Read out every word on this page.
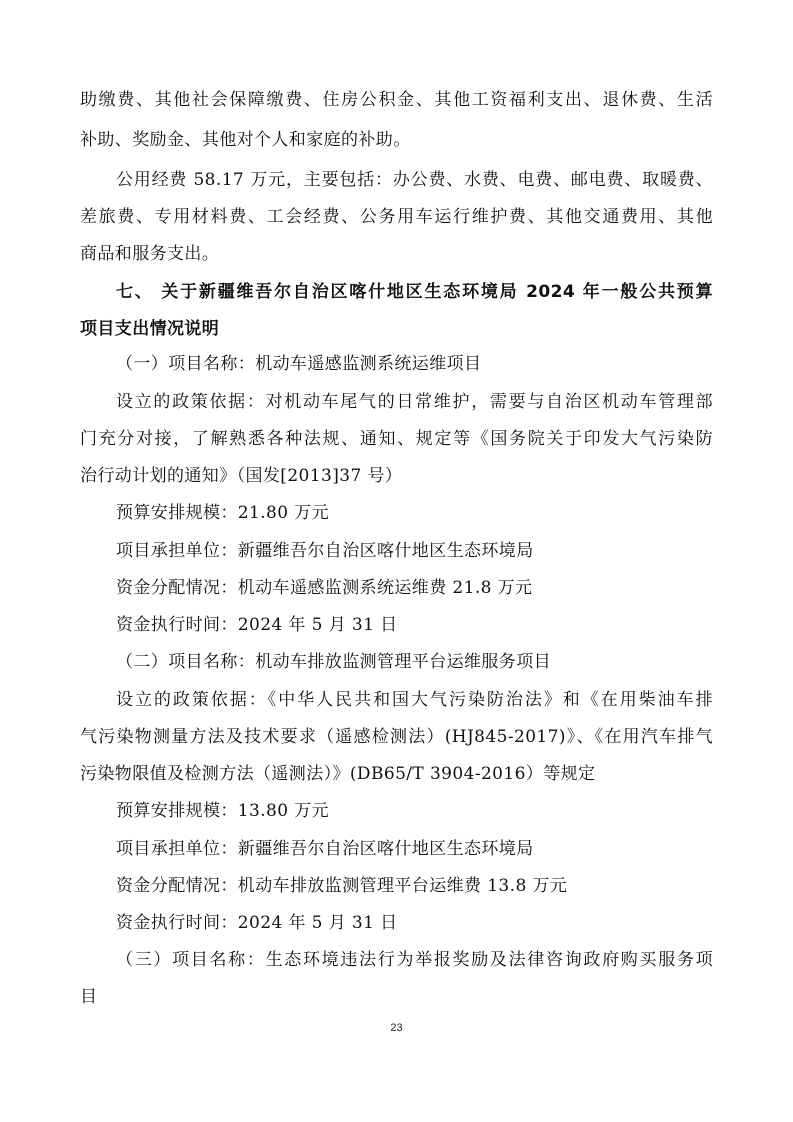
助缴费、其他社会保障缴费、住房公积金、其他工资福利支出、退休费、生活
补助、奖励金、其他对个人和家庭的补助。
公用经费 58.17 万元，主要包括：办公费、水费、电费、邮电费、取暖费、
差旅费、专用材料费、工会经费、公务用车运行维护费、其他交通费用、其他
商品和服务支出。
七、 关于新疆维吾尔自治区喀什地区生态环境局 2024 年一般公共预算
项目支出情况说明
（一）项目名称：机动车遥感监测系统运维项目
设立的政策依据：对机动车尾气的日常维护，需要与自治区机动车管理部
门充分对接，了解熟悉各种法规、通知、规定等《国务院关于印发大气污染防
治行动计划的通知》（国发[2013]37 号）
预算安排规模：21.80 万元
项目承担单位：新疆维吾尔自治区喀什地区生态环境局
资金分配情况：机动车遥感监测系统运维费 21.8 万元
资金执行时间：2024 年 5 月 31 日
（二）项目名称：机动车排放监测管理平台运维服务项目
设立的政策依据：《中华人民共和国大气污染防治法》和《在用柴油车排
气污染物测量方法及技术要求（遥感检测法）(HJ845-2017)》、《在用汽车排气
污染物限值及检测方法（遥测法）》(DB65/T 3904-2016）等规定
预算安排规模：13.80 万元
项目承担单位：新疆维吾尔自治区喀什地区生态环境局
资金分配情况：机动车排放监测管理平台运维费 13.8 万元
资金执行时间：2024 年 5 月 31 日
（三）项目名称：生态环境违法行为举报奖励及法律咨询政府购买服务项
目
23
